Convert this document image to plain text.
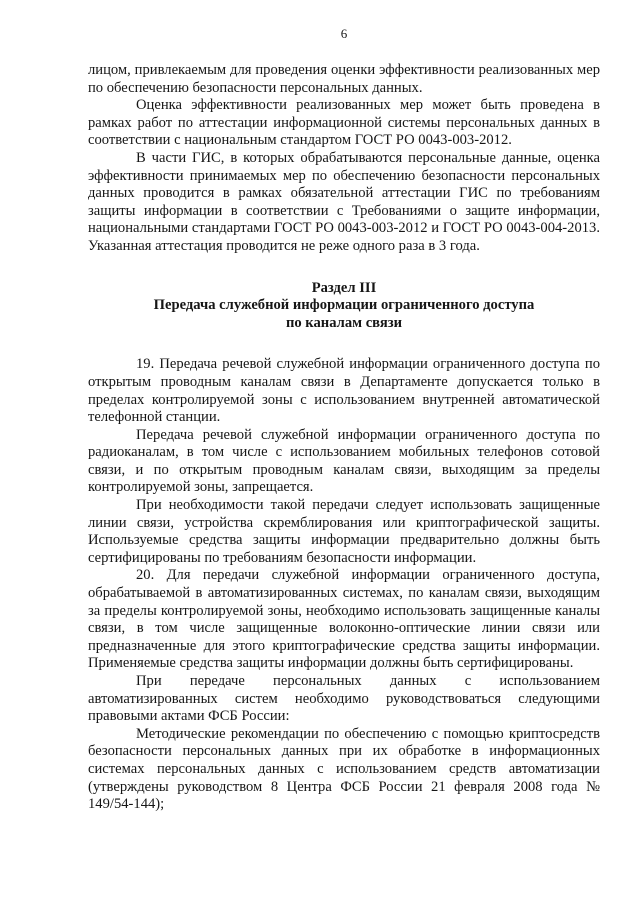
6

лицом, привлекаемым для проведения оценки эффективности реализованных мер по обеспечению безопасности персональных данных.

Оценка эффективности реализованных мер может быть проведена в рамках работ по аттестации информационной системы персональных данных в соответствии с национальным стандартом ГОСТ РО 0043-003-2012.

В части ГИС, в которых обрабатываются персональные данные, оценка эффективности принимаемых мер по обеспечению безопасности персональных данных проводится в рамках обязательной аттестации ГИС по требованиям защиты информации в соответствии с Требованиями о защите информации, национальными стандартами ГОСТ РО 0043-003-2012 и ГОСТ РО 0043-004-2013. Указанная аттестация проводится не реже одного раза в 3 года.

Раздел III
Передача служебной информации ограниченного доступа
по каналам связи

19. Передача речевой служебной информации ограниченного доступа по открытым проводным каналам связи в Департаменте допускается только в пределах контролируемой зоны с использованием внутренней автоматической телефонной станции.

Передача речевой служебной информации ограниченного доступа по радиоканалам, в том числе с использованием мобильных телефонов сотовой связи, и по открытым проводным каналам связи, выходящим за пределы контролируемой зоны, запрещается.

При необходимости такой передачи следует использовать защищенные линии связи, устройства скремблирования или криптографической защиты. Используемые средства защиты информации предварительно должны быть сертифицированы по требованиям безопасности информации.

20. Для передачи служебной информации ограниченного доступа, обрабатываемой в автоматизированных системах, по каналам связи, выходящим за пределы контролируемой зоны, необходимо использовать защищенные каналы связи, в том числе защищенные волоконно-оптические линии связи или предназначенные для этого криптографические средства защиты информации. Применяемые средства защиты информации должны быть сертифицированы.

При передаче персональных данных с использованием автоматизированных систем необходимо руководствоваться следующими правовыми актами ФСБ России:

Методические рекомендации по обеспечению с помощью криптосредств безопасности персональных данных при их обработке в информационных системах персональных данных с использованием средств автоматизации (утверждены руководством 8 Центра ФСБ России 21 февраля 2008 года № 149/54-144);
